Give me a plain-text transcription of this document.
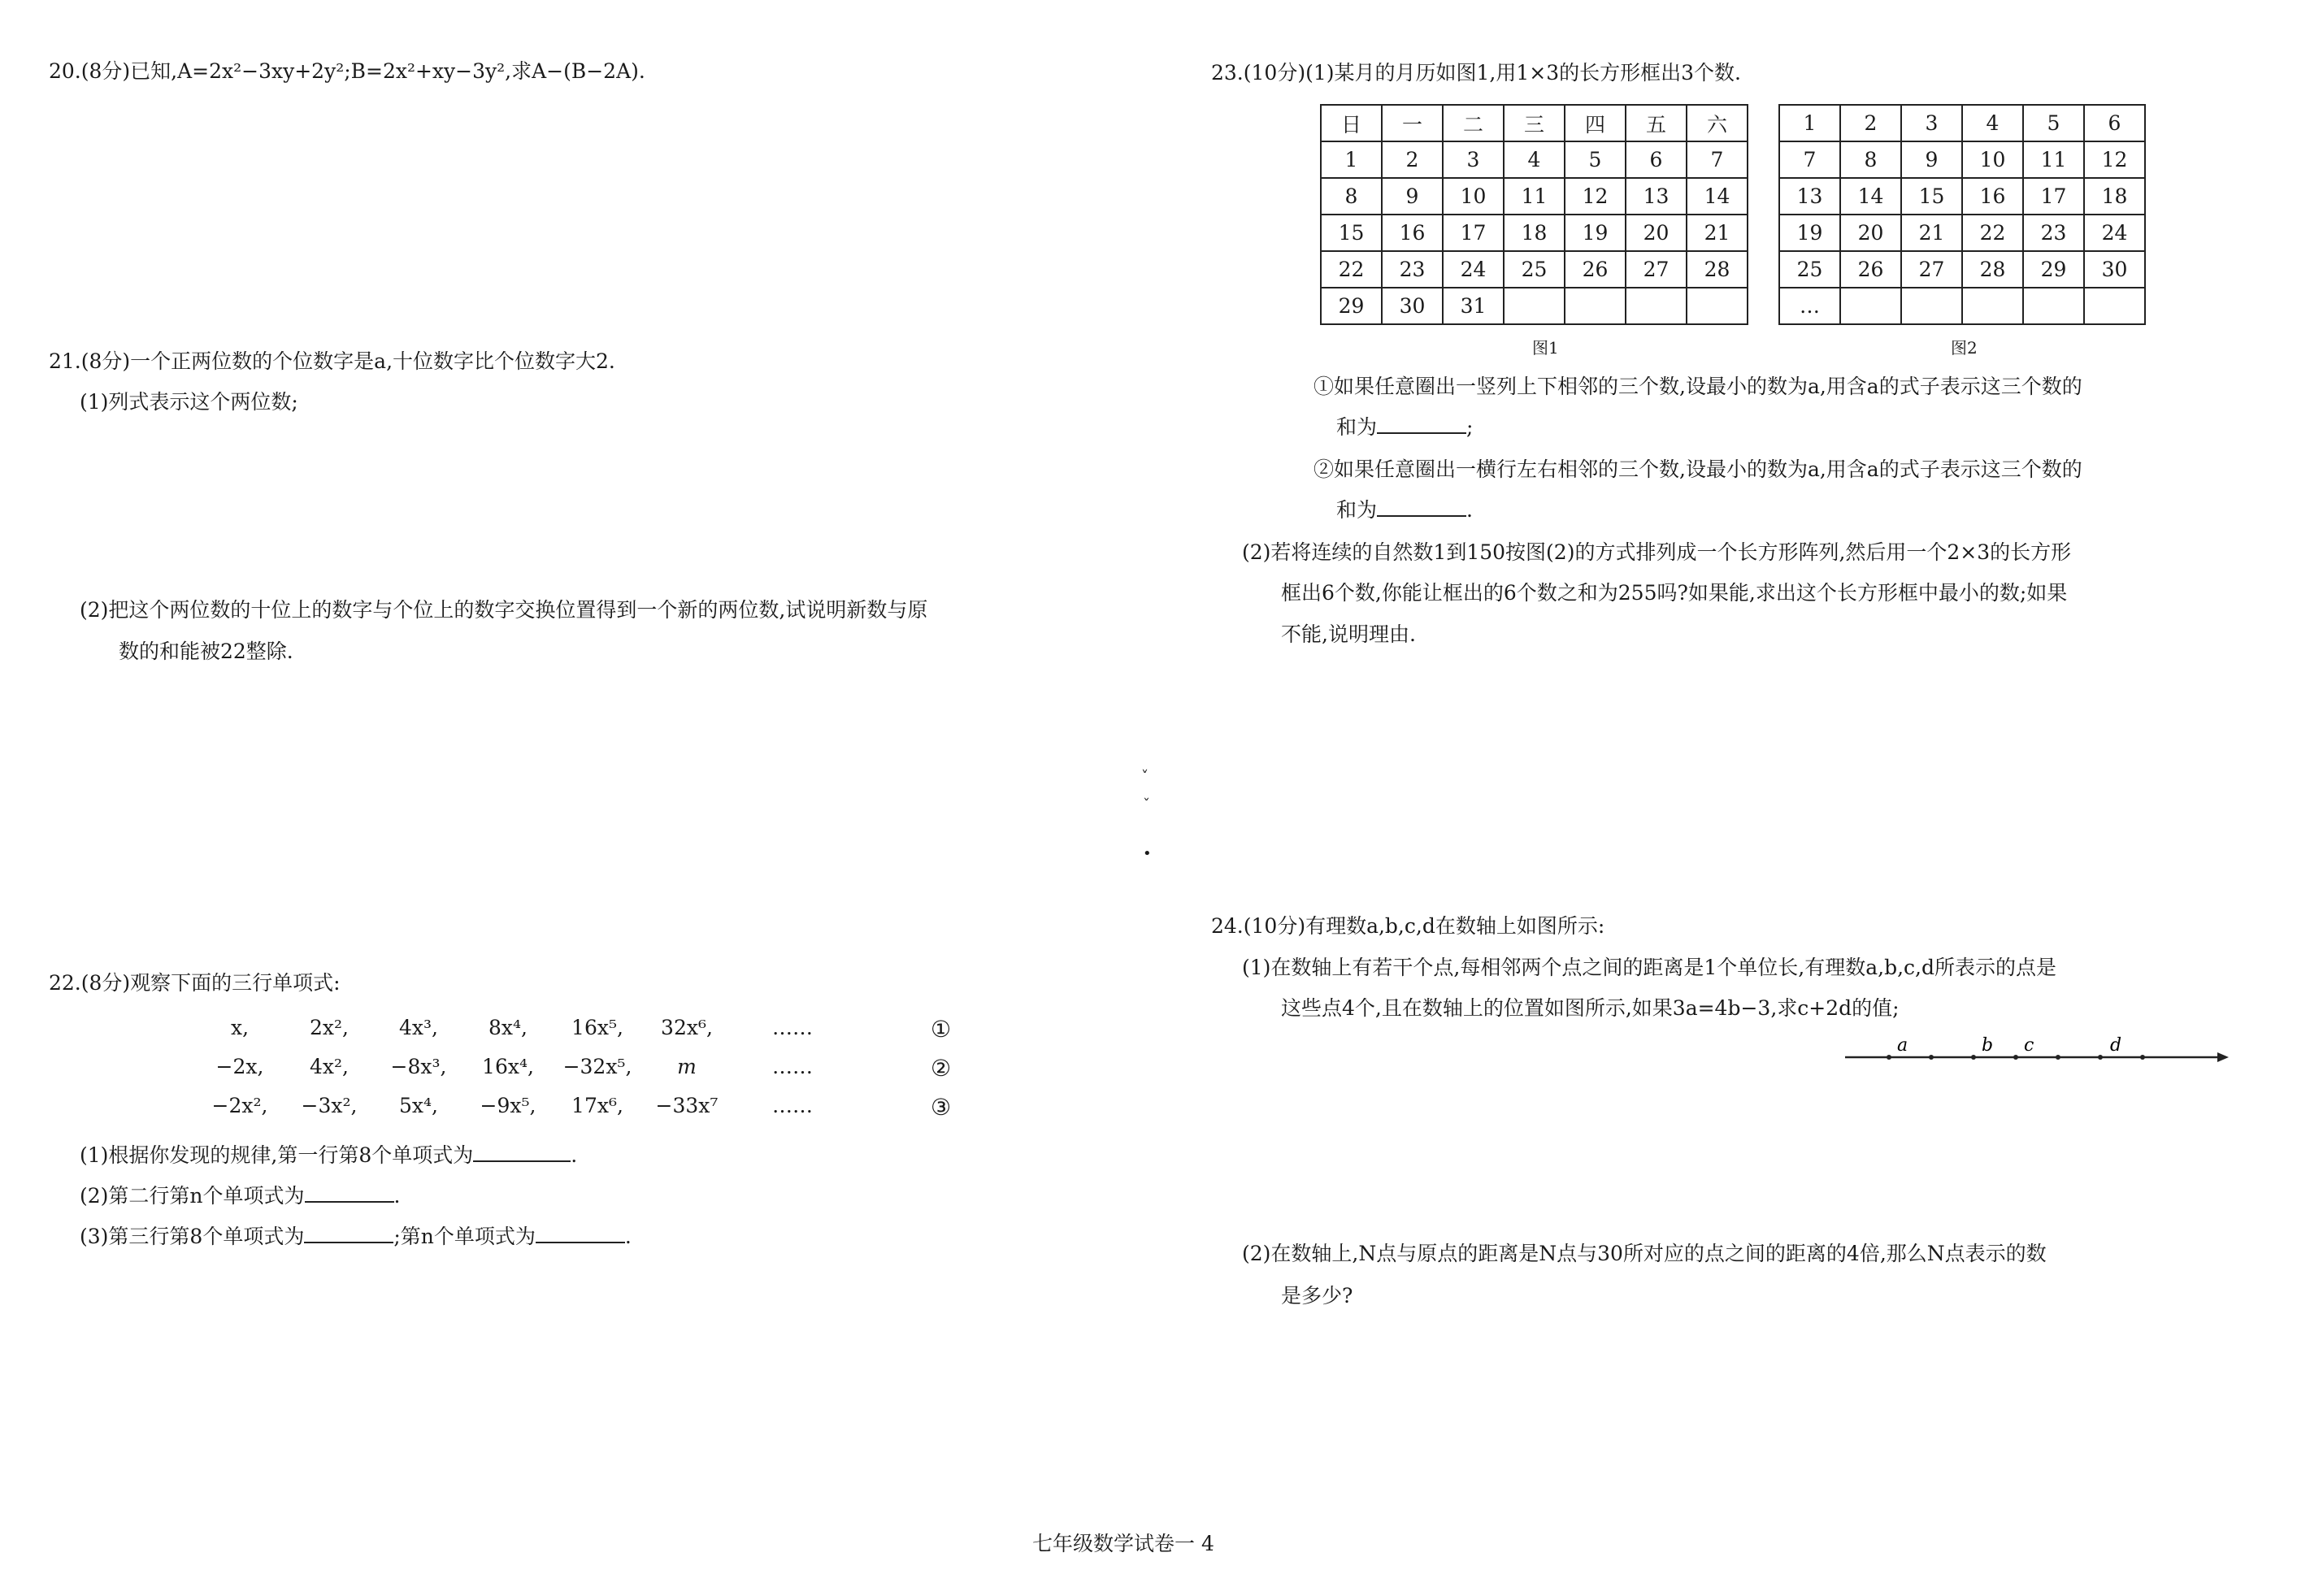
20.(8分)已知,A=2x²−3xy+2y²;B=2x²+xy−3y²,求A−(B−2A).
21.(8分)一个正两位数的个位数字是a,十位数字比个位数字大2.
(1)列式表示这个两位数;
(2)把这个两位数的十位上的数字与个位上的数字交换位置得到一个新的两位数,试说明新数与原
数的和能被22整除.
22.(8分)观察下面的三行单项式:
x,	2x²,	4x³,	8x⁴,	16x⁵,	32x⁶,	……	①
−2x,	4x²,	−8x³,	16x⁴,	−32x⁵,	m	……	②
−2x²,	−3x²,	5x⁴,	−9x⁵,	17x⁶,	−33x⁷	……	③
(1)根据你发现的规律,第一行第8个单项式为	.
(2)第二行第n个单项式为	.
(3)第三行第8个单项式为	;第n个单项式为	.
˅
ˇ
•
23.(10分)(1)某月的月历如图1,用1×3的长方形框出3个数.
日	一	二	三	四	五	六
1	2	3	4	5	6	7
8	9	10	11	12	13	14
15	16	17	18	19	20	21
22	23	24	25	26	27	28
29	30	31				
图1
1	2	3	4	5	6
7	8	9	10	11	12
13	14	15	16	17	18
19	20	21	22	23	24
25	26	27	28	29	30
…					
图2
①如果任意圈出一竖列上下相邻的三个数,设最小的数为a,用含a的式子表示这三个数的
和为	;
②如果任意圈出一横行左右相邻的三个数,设最小的数为a,用含a的式子表示这三个数的
和为	.
(2)若将连续的自然数1到150按图(2)的方式排列成一个长方形阵列,然后用一个2×3的长方形
框出6个数,你能让框出的6个数之和为255吗?如果能,求出这个长方形框中最小的数;如果
不能,说明理由.
24.(10分)有理数a,b,c,d在数轴上如图所示:
(1)在数轴上有若干个点,每相邻两个点之间的距离是1个单位长,有理数a,b,c,d所表示的点是
这些点4个,且在数轴上的位置如图所示,如果3a=4b−3,求c+2d的值;
a	b c	d
(2)在数轴上,N点与原点的距离是N点与30所对应的点之间的距离的4倍,那么N点表示的数
是多少?
七年级数学试卷一 4
